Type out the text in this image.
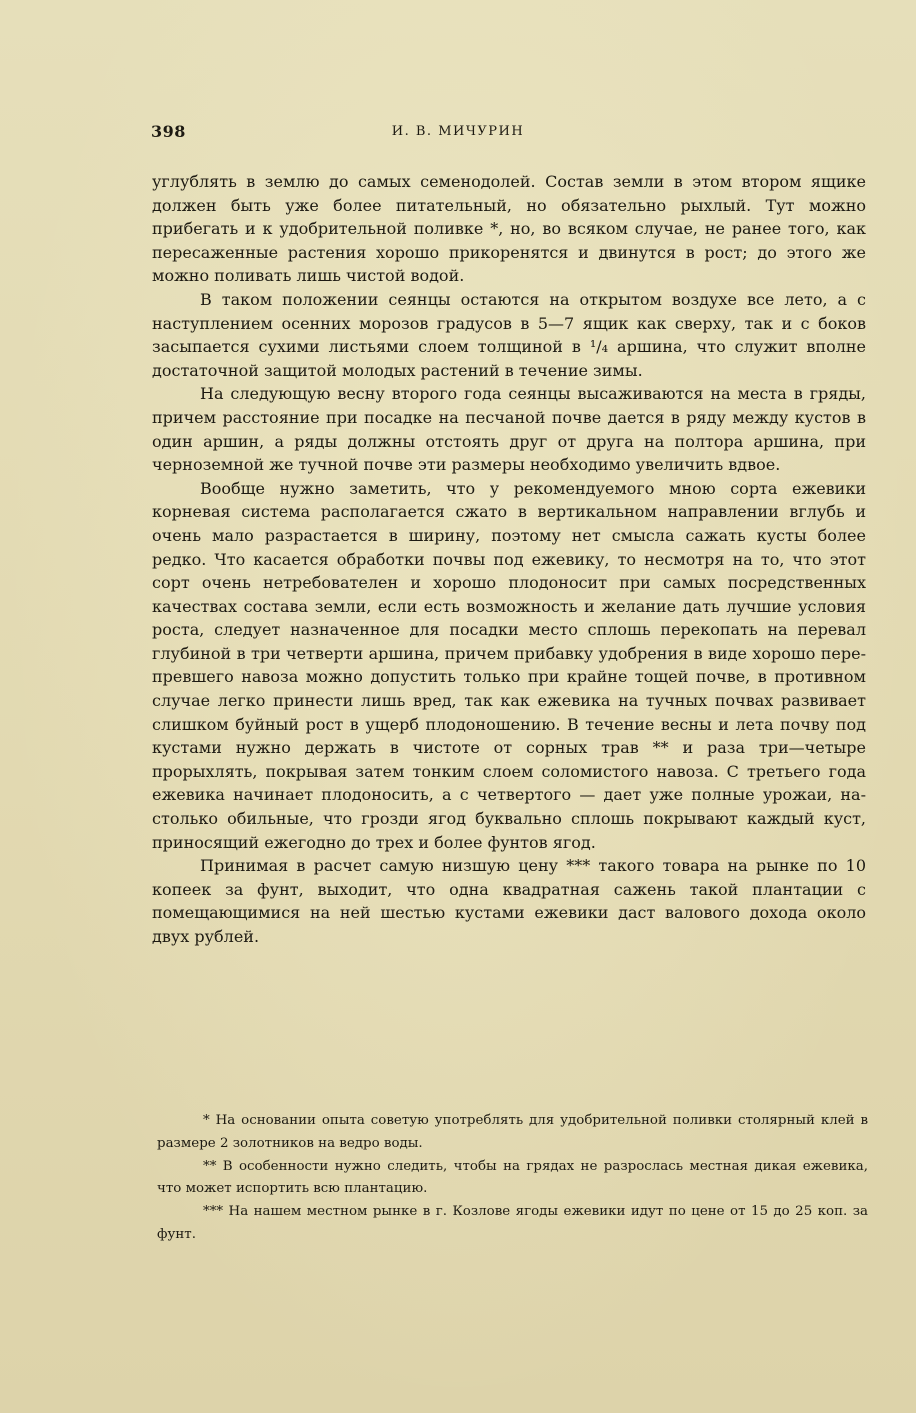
398	И. В. МИЧУРИН

углублять в землю до самых семенодолей. Состав земли в этом втором ящике должен быть уже более питательный, но обязательно рыхлый. Тут можно прибегать и к удобрительной поливке *, но, во всяком случае, не ранее того, как пересаженные растения хорошо прикоренятся и двинутся в рост; до этого же можно поливать лишь чистой водой.

В таком положении сеянцы остаются на открытом воздухе все лето, а с наступлением осенних морозов градусов в 5—7 ящик как сверху, так и с боков засыпается сухими листьями слоем толщиной в ¹/₄ аршина, что служит вполне достаточной защитой молодых растений в течение зимы.

На следующую весну второго года сеянцы высаживаются на места в гряды, причем расстояние при посадке на песчаной почве дается в ряду между кустов в один аршин, а ряды должны отстоять друг от друга на полтора аршина, при черноземной же тучной почве эти размеры необходимо увеличить вдвое.

Вообще нужно заметить, что у рекомендуемого мною сорта ежевики корневая система располагается сжато в вертикальном направлении вглубь и очень мало разрастается в ширину, поэтому нет смысла сажать кусты более редко. Что касается обработки почвы под ежевику, то несмотря на то, что этот сорт очень нетребователен и хорошо плодоносит при самых посредственных качествах состава земли, если есть возможность и желание дать лучшие условия роста, следует назначенное для посадки место сплошь перекопать на перевал глубиной в три четверти аршина, причем прибавку удобрения в виде хорошо перепревшего навоза можно допустить только при крайне тощей почве, в противном случае легко принести лишь вред, так как ежевика на тучных почвах развивает слишком буйный рост в ущерб плодоношению. В течение весны и лета почву под кустами нужно держать в чистоте от сорных трав ** и раза три—четыре прорыхлять, покрывая затем тонким слоем соломистого навоза. С третьего года ежевика начинает плодоносить, а с четвертого — дает уже полные урожаи, настолько обильные, что грозди ягод буквально сплошь покрывают каждый куст, приносящий ежегодно до трех и более фунтов ягод.

Принимая в расчет самую низшую цену *** такого товара на рынке по 10 копеек за фунт, выходит, что одна квадратная сажень такой плантации с помещающимися на ней шестью кустами ежевики даст валового дохода около двух рублей.

* На основании опыта советую употреблять для удобрительной поливки столярный клей в размере 2 золотников на ведро воды.

** В особенности нужно следить, чтобы на грядах не разрослась местная дикая ежевика, что может испортить всю плантацию.

*** На нашем местном рынке в г. Козлове ягоды ежевики идут по цене от 15 до 25 коп. за фунт.
